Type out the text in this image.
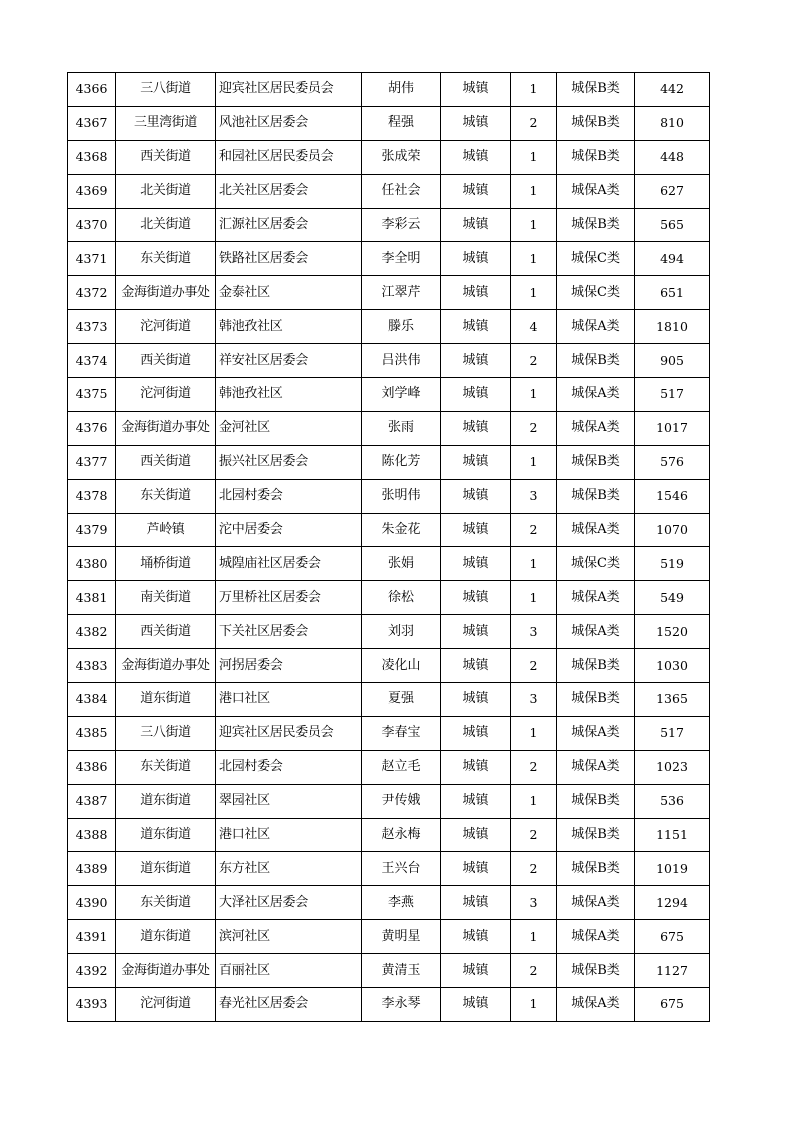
4366	三八街道	迎宾社区居民委员会	胡伟	城镇	1	城保B类	442
4367	三里湾街道	风池社区居委会	程强	城镇	2	城保B类	810
4368	西关街道	和园社区居民委员会	张成荣	城镇	1	城保B类	448
4369	北关街道	北关社区居委会	任社会	城镇	1	城保A类	627
4370	北关街道	汇源社区居委会	李彩云	城镇	1	城保B类	565
4371	东关街道	铁路社区居委会	李全明	城镇	1	城保C类	494
4372	金海街道办事处	金泰社区	江翠芹	城镇	1	城保C类	651
4373	沱河街道	韩池孜社区	滕乐	城镇	4	城保A类	1810
4374	西关街道	祥安社区居委会	吕洪伟	城镇	2	城保B类	905
4375	沱河街道	韩池孜社区	刘学峰	城镇	1	城保A类	517
4376	金海街道办事处	金河社区	张雨	城镇	2	城保A类	1017
4377	西关街道	振兴社区居委会	陈化芳	城镇	1	城保B类	576
4378	东关街道	北园村委会	张明伟	城镇	3	城保B类	1546
4379	芦岭镇	沱中居委会	朱金花	城镇	2	城保A类	1070
4380	埇桥街道	城隍庙社区居委会	张娟	城镇	1	城保C类	519
4381	南关街道	万里桥社区居委会	徐松	城镇	1	城保A类	549
4382	西关街道	下关社区居委会	刘羽	城镇	3	城保A类	1520
4383	金海街道办事处	河拐居委会	凌化山	城镇	2	城保B类	1030
4384	道东街道	港口社区	夏强	城镇	3	城保B类	1365
4385	三八街道	迎宾社区居民委员会	李春宝	城镇	1	城保A类	517
4386	东关街道	北园村委会	赵立毛	城镇	2	城保A类	1023
4387	道东街道	翠园社区	尹传娥	城镇	1	城保B类	536
4388	道东街道	港口社区	赵永梅	城镇	2	城保B类	1151
4389	道东街道	东方社区	王兴台	城镇	2	城保B类	1019
4390	东关街道	大泽社区居委会	李燕	城镇	3	城保A类	1294
4391	道东街道	滨河社区	黄明星	城镇	1	城保A类	675
4392	金海街道办事处	百丽社区	黄清玉	城镇	2	城保B类	1127
4393	沱河街道	春光社区居委会	李永琴	城镇	1	城保A类	675
